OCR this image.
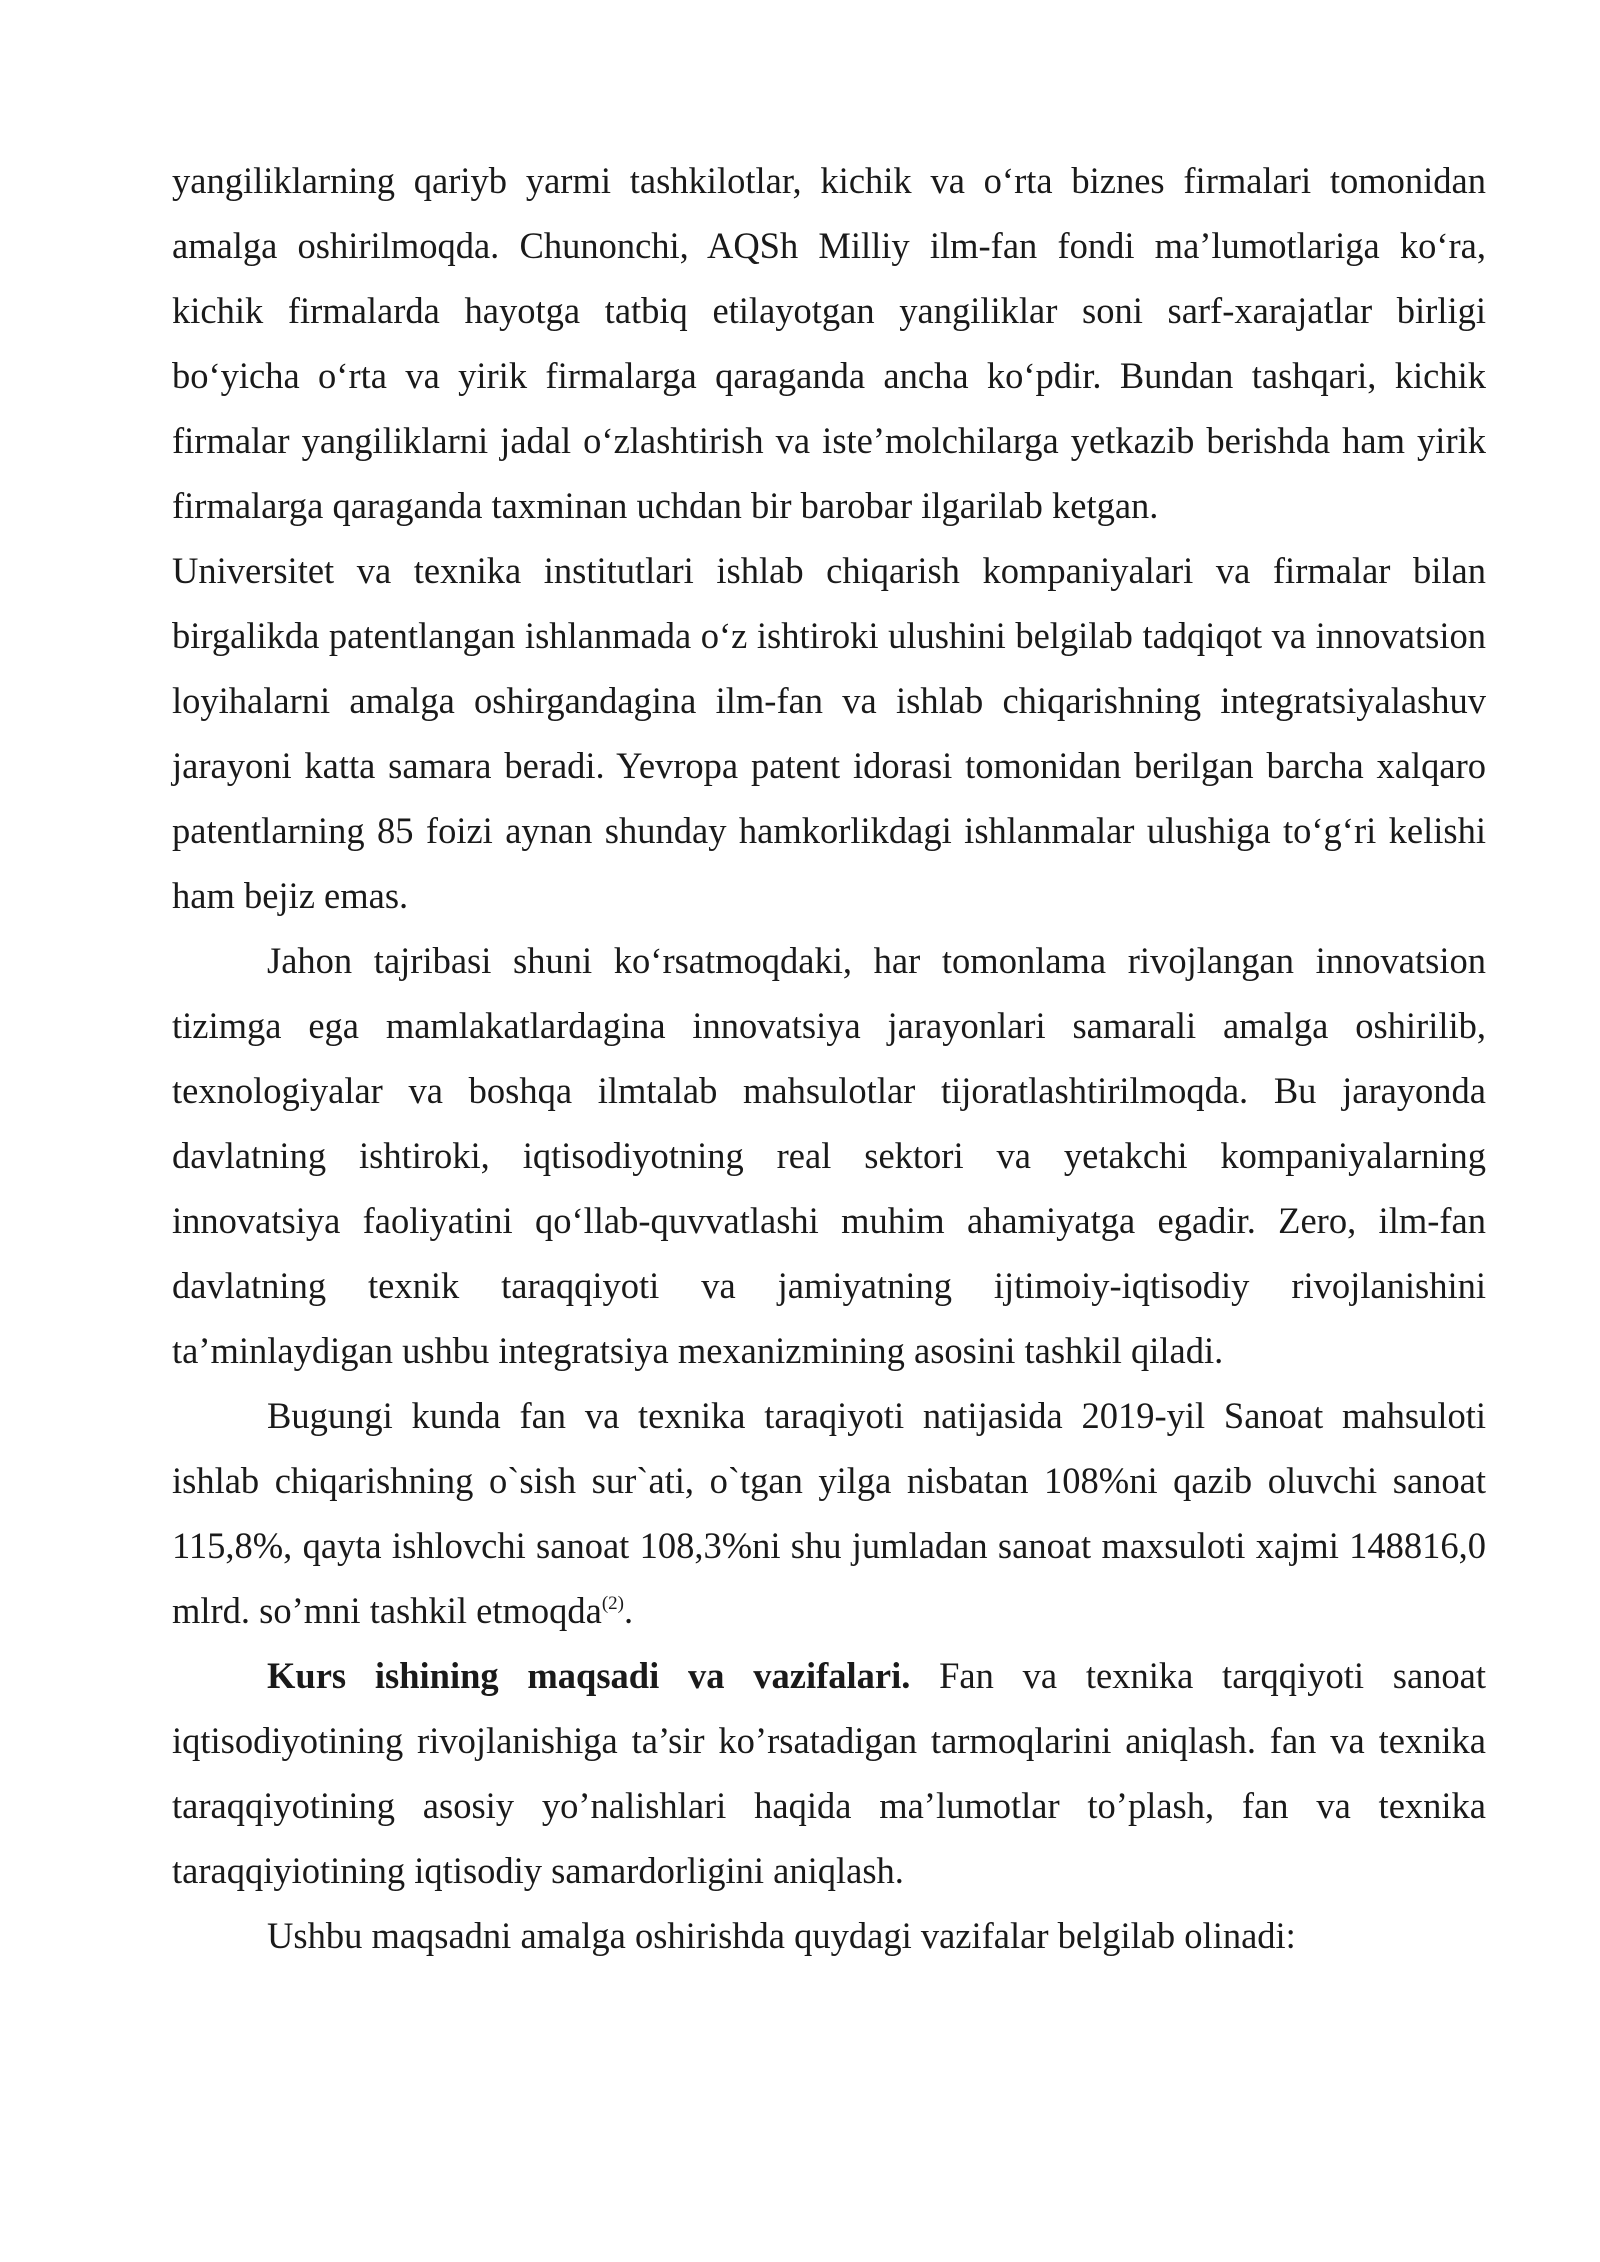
yangiliklarning qariyb yarmi tashkilotlar, kichik va o‘rta biznes firmalari tomonidan amalga oshirilmoqda. Chunonchi, AQSh Milliy ilm-fan fondi ma’lumotlariga ko‘ra, kichik firmalarda hayotga tatbiq etilayotgan yangiliklar soni sarf-xarajatlar birligi bo‘yicha o‘rta va yirik firmalarga qaraganda ancha ko‘pdir. Bundan tashqari, kichik firmalar yangiliklarni jadal o‘zlashtirish va iste’molchilarga yetkazib berishda ham yirik firmalarga qaraganda taxminan uchdan bir barobar ilgarilab ketgan.

Universitet va texnika institutlari ishlab chiqarish kompaniyalari va firmalar bilan birgalikda patentlangan ishlanmada o‘z ishtiroki ulushini belgilab tadqiqot va innovatsion loyihalarni amalga oshirgandagina ilm-fan va ishlab chiqarishning integratsiyalashuv jarayoni katta samara beradi. Yevropa patent idorasi tomonidan berilgan barcha xalqaro patentlarning 85 foizi aynan shunday hamkorlikdagi ishlanmalar ulushiga to‘g‘ri kelishi ham bejiz emas.

Jahon tajribasi shuni ko‘rsatmoqdaki, har tomonlama rivojlangan innovatsion tizimga ega mamlakatlardagina innovatsiya jarayonlari samarali amalga oshirilib, texnologiyalar va boshqa ilmtalab mahsulotlar tijoratlashtirilmoqda. Bu jarayonda davlatning ishtiroki, iqtisodiyotning real sektori va yetakchi kompaniyalarning innovatsiya faoliyatini qo‘llab-quvvatlashi muhim ahamiyatga egadir. Zero, ilm-fan davlatning texnik taraqqiyoti va jamiyatning ijtimoiy-iqtisodiy rivojlanishini ta’minlaydigan ushbu integratsiya mexanizmining asosini tashkil qiladi.

Bugungi kunda fan va texnika taraqiyoti natijasida 2019-yil Sanoat mahsuloti ishlab chiqarishning o`sish sur`ati, o`tgan yilga nisbatan 108%ni qazib oluvchi sanoat 115,8%, qayta ishlovchi sanoat 108,3%ni shu jumladan sanoat maxsuloti xajmi 148816,0 mlrd. so’mni tashkil etmoqda$^{(2)}$.

Kurs ishining maqsadi va vazifalari. Fan va texnika tarqqiyoti sanoat iqtisodiyotining rivojlanishiga ta’sir ko’rsatadigan tarmoqlarini aniqlash. fan va texnika taraqqiyotining asosiy yo’nalishlari haqida ma’lumotlar to’plash, fan va texnika taraqqiyiotining iqtisodiy samardorligini aniqlash.

Ushbu maqsadni amalga oshirishda quydagi vazifalar belgilab olinadi:
